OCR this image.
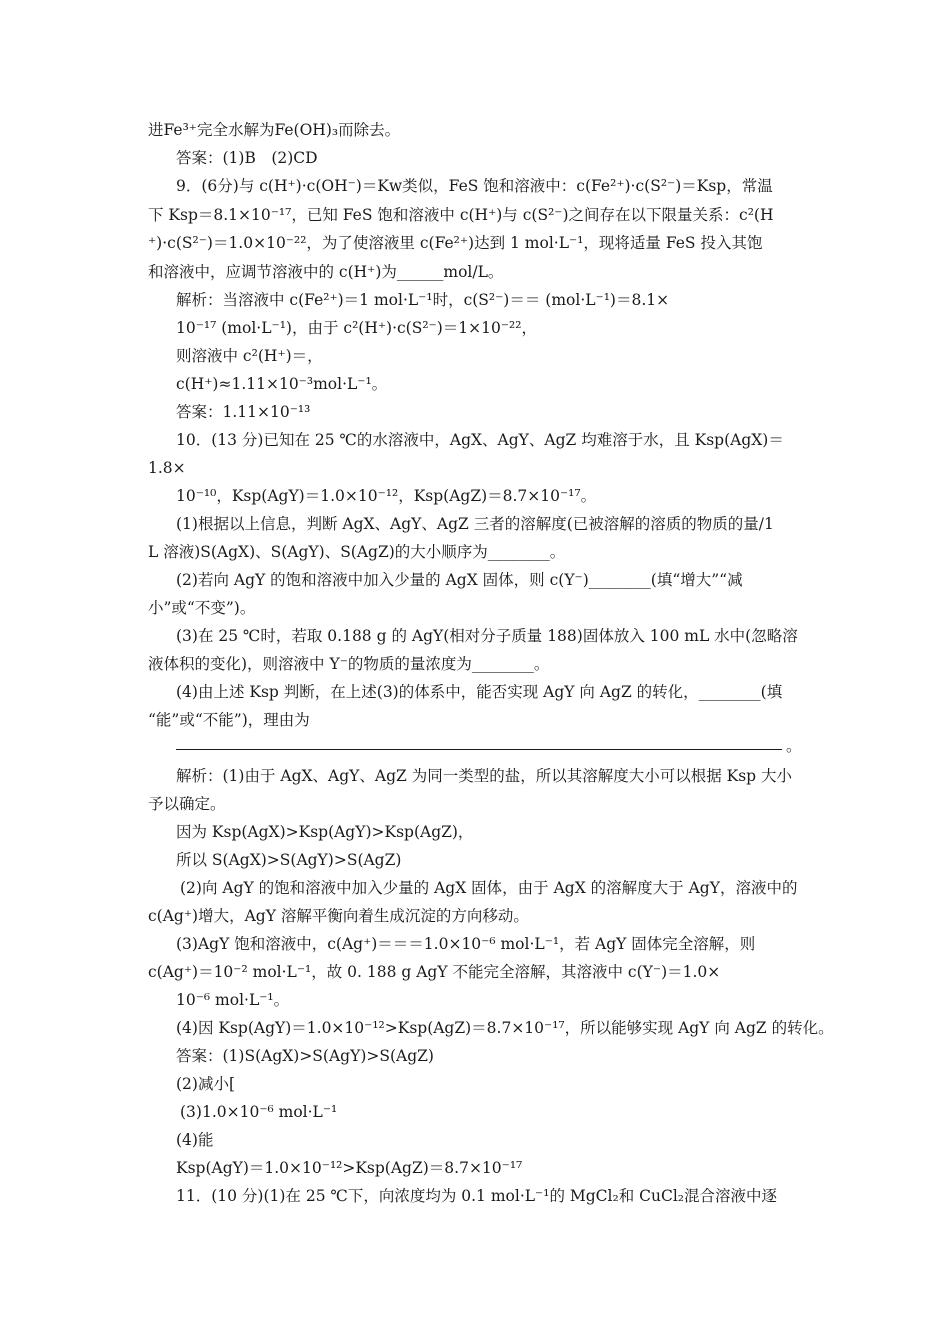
进Fe³⁺完全水解为Fe(OH)₃而除去。
答案：(1)B　(2)CD
9．(6分)与 c(H⁺)·c(OH⁻)＝Kw类似，FeS 饱和溶液中：c(Fe²⁺)·c(S²⁻)＝Ksp，常温
下 Ksp＝8.1×10⁻¹⁷，已知 FeS 饱和溶液中 c(H⁺)与 c(S²⁻)之间存在以下限量关系：c²(H
⁺)·c(S²⁻)＝1.0×10⁻²²，为了使溶液里 c(Fe²⁺)达到 1 mol·L⁻¹，现将适量 FeS 投入其饱
和溶液中，应调节溶液中的 c(H⁺)为______mol/L。
解析：当溶液中 c(Fe²⁺)＝1 mol·L⁻¹时，c(S²⁻)＝＝ (mol·L⁻¹)＝8.1×
10⁻¹⁷ (mol·L⁻¹)，由于 c²(H⁺)·c(S²⁻)＝1×10⁻²²，
则溶液中 c²(H⁺)＝，
c(H⁺)≈1.11×10⁻³mol·L⁻¹。
答案：1.11×10⁻¹³
10．(13 分)已知在 25 ℃的水溶液中，AgX、AgY、AgZ 均难溶于水，且 Ksp(AgX)＝
1.8×
10⁻¹⁰，Ksp(AgY)＝1.0×10⁻¹²，Ksp(AgZ)＝8.7×10⁻¹⁷。
(1)根据以上信息，判断 AgX、AgY、AgZ 三者的溶解度(已被溶解的溶质的物质的量/1
L 溶液)S(AgX)、S(AgY)、S(AgZ)的大小顺序为________。
(2)若向 AgY 的饱和溶液中加入少量的 AgX 固体，则 c(Y⁻)________(填“增大”“减
小”或“不变”)。
(3)在 25 ℃时，若取 0.188 g 的 AgY(相对分子质量 188)固体放入 100 mL 水中(忽略溶
液体积的变化)，则溶液中 Y⁻的物质的量浓度为________。
(4)由上述 Ksp 判断，在上述(3)的体系中，能否实现 AgY 向 AgZ 的转化，________(填
“能”或“不能”)，理由为
。
解析：(1)由于 AgX、AgY、AgZ 为同一类型的盐，所以其溶解度大小可以根据 Ksp 大小
予以确定。
因为 Ksp(AgX)>Ksp(AgY)>Ksp(AgZ)，
所以 S(AgX)>S(AgY)>S(AgZ)
(2)向 AgY 的饱和溶液中加入少量的 AgX 固体，由于 AgX 的溶解度大于 AgY，溶液中的
c(Ag⁺)增大，AgY 溶解平衡向着生成沉淀的方向移动。
(3)AgY 饱和溶液中，c(Ag⁺)＝＝＝1.0×10⁻⁶ mol·L⁻¹，若 AgY 固体完全溶解，则
c(Ag⁺)＝10⁻² mol·L⁻¹，故 0. 188 g AgY 不能完全溶解，其溶液中 c(Y⁻)＝1.0×
10⁻⁶ mol·L⁻¹。
(4)因 Ksp(AgY)＝1.0×10⁻¹²>Ksp(AgZ)＝8.7×10⁻¹⁷，所以能够实现 AgY 向 AgZ 的转化。
答案：(1)S(AgX)>S(AgY)>S(AgZ)
(2)减小[
(3)1.0×10⁻⁶ mol·L⁻¹
(4)能
Ksp(AgY)＝1.0×10⁻¹²>Ksp(AgZ)＝8.7×10⁻¹⁷
11．(10 分)(1)在 25 ℃下，向浓度均为 0.1 mol·L⁻¹的 MgCl₂和 CuCl₂混合溶液中逐
